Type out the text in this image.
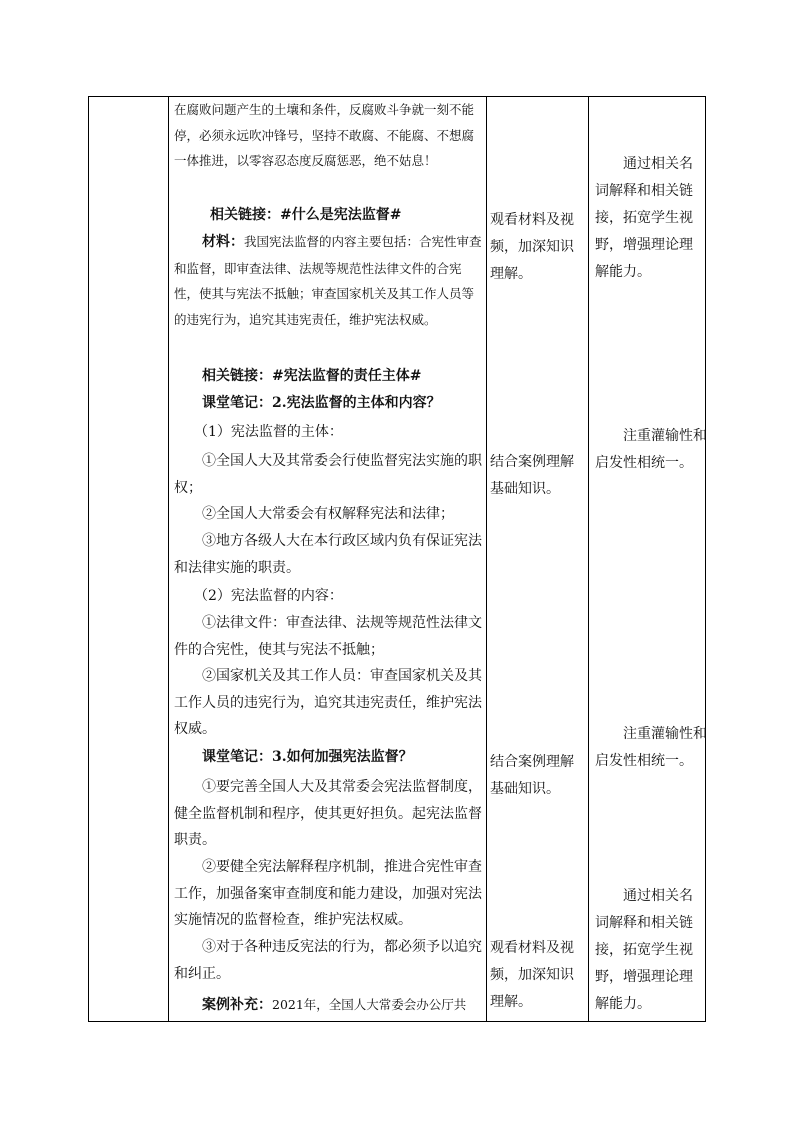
在腐败问题产生的土壤和条件，反腐败斗争就一刻不能停，必须永远吹冲锋号，坚持不敢腐、不能腐、不想腐一体推进，以零容忍态度反腐惩恶，绝不姑息！

相关链接：#什么是宪法监督#

材料：我国宪法监督的内容主要包括：合宪性审查和监督，即审查法律、法规等规范性法律文件的合宪性，使其与宪法不抵触；审查国家机关及其工作人员等的违宪行为，追究其违宪责任，维护宪法权威。

相关链接：#宪法监督的责任主体#

课堂笔记：2.宪法监督的主体和内容？

（1）宪法监督的主体：

①全国人大及其常委会行使监督宪法实施的职权；

②全国人大常委会有权解释宪法和法律；

③地方各级人大在本行政区域内负有保证宪法和法律实施的职责。

（2）宪法监督的内容：

①法律文件：审查法律、法规等规范性法律文件的合宪性，使其与宪法不抵触；

②国家机关及其工作人员：审查国家机关及其工作人员的违宪行为，追究其违宪责任，维护宪法权威。

课堂笔记：3.如何加强宪法监督？

①要完善全国人大及其常委会宪法监督制度，健全监督机制和程序，使其更好担负。起宪法监督职责。

②要健全宪法解释程序机制，推进合宪性审查工作，加强备案审查制度和能力建设，加强对宪法实施情况的监督检查，维护宪法权威。

③对于各种违反宪法的行为，都必须予以追究和纠正。

案例补充：2021年，全国人大常委会办公厅共

观看材料及视频，加深知识理解。

结合案例理解基础知识。

结合案例理解基础知识。

观看材料及视频，加深知识理解。

通过相关名词解释和相关链接，拓宽学生视野，增强理论理解能力。

注重灌输性和启发性相统一。

注重灌输性和启发性相统一。

通过相关名词解释和相关链接，拓宽学生视野，增强理论理解能力。
